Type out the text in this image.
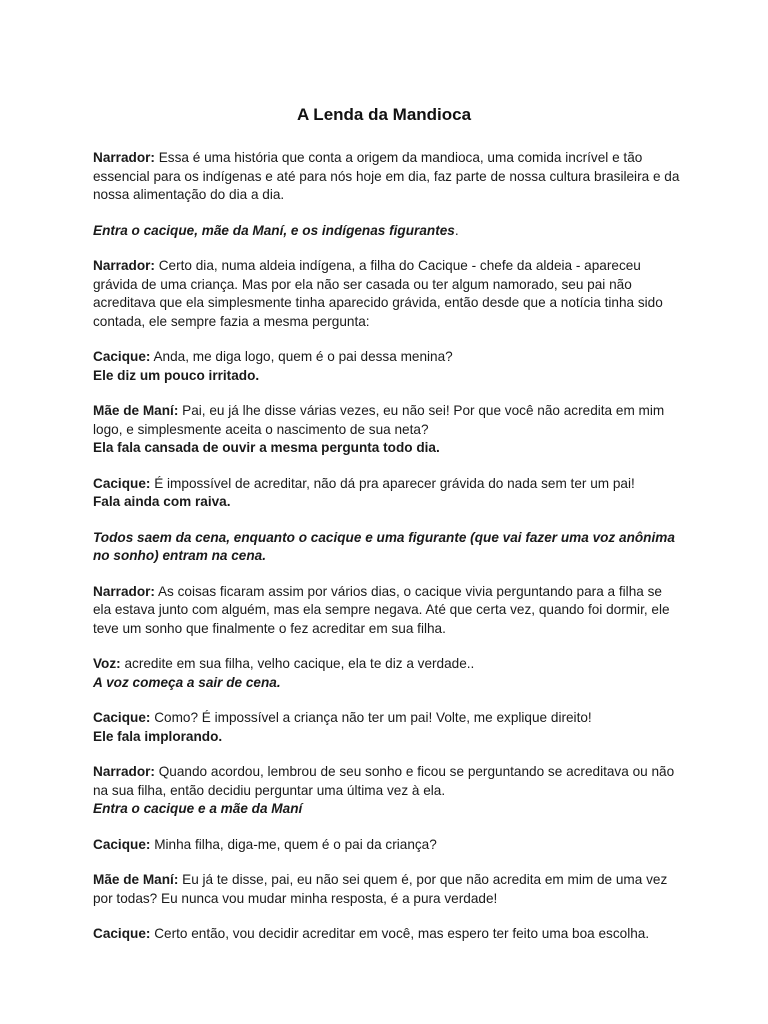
A Lenda da Mandioca

Narrador: Essa é uma história que conta a origem da mandioca, uma comida incrível e tão essencial para os indígenas e até para nós hoje em dia, faz parte de nossa cultura brasileira e da nossa alimentação do dia a dia.

Entra o cacique, mãe da Maní, e os indígenas figurantes.

Narrador: Certo dia, numa aldeia indígena, a filha do Cacique - chefe da aldeia - apareceu grávida de uma criança. Mas por ela não ser casada ou ter algum namorado, seu pai não acreditava que ela simplesmente tinha aparecido grávida, então desde que a notícia tinha sido contada, ele sempre fazia a mesma pergunta:

Cacique: Anda, me diga logo, quem é o pai dessa menina?
Ele diz um pouco irritado.

Mãe de Maní: Pai, eu já lhe disse várias vezes, eu não sei! Por que você não acredita em mim logo, e simplesmente aceita o nascimento de sua neta?
Ela fala cansada de ouvir a mesma pergunta todo dia.

Cacique: É impossível de acreditar, não dá pra aparecer grávida do nada sem ter um pai!
Fala ainda com raiva.

Todos saem da cena, enquanto o cacique e uma figurante (que vai fazer uma voz anônima no sonho) entram na cena.

Narrador: As coisas ficaram assim por vários dias, o cacique vivia perguntando para a filha se ela estava junto com alguém, mas ela sempre negava. Até que certa vez, quando foi dormir, ele teve um sonho que finalmente o fez acreditar em sua filha.

Voz: acredite em sua filha, velho cacique, ela te diz a verdade..
A voz começa a sair de cena.

Cacique: Como? É impossível a criança não ter um pai! Volte, me explique direito!
Ele fala implorando.

Narrador: Quando acordou, lembrou de seu sonho e ficou se perguntando se acreditava ou não na sua filha, então decidiu perguntar uma última vez à ela.
Entra o cacique e a mãe da Maní

Cacique: Minha filha, diga-me, quem é o pai da criança?

Mãe de Maní: Eu já te disse, pai, eu não sei quem é, por que não acredita em mim de uma vez por todas? Eu nunca vou mudar minha resposta, é a pura verdade!

Cacique: Certo então, vou decidir acreditar em você, mas espero ter feito uma boa escolha.
